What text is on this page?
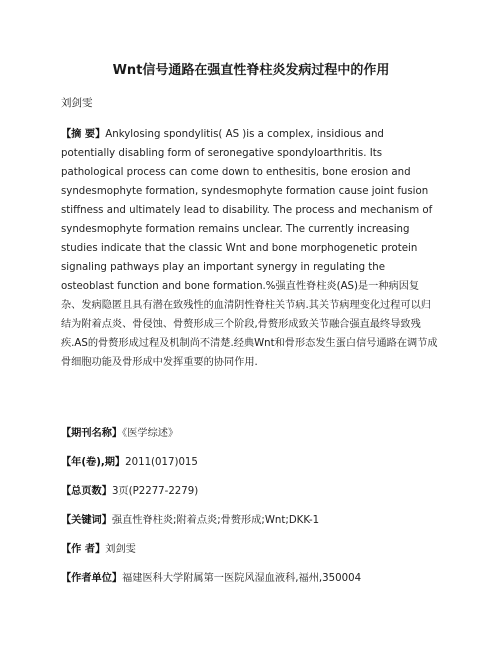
Wnt信号通路在强直性脊柱炎发病过程中的作用
刘剑雯
【摘 要】Ankylosing spondylitis( AS )is a complex, insidious and potentially disabling form of seronegative spondyloarthritis. Its pathological process can come down to enthesitis, bone erosion and syndesmophyte formation, syndesmophyte formation cause joint fusion stiffness and ultimately lead to disability. The process and mechanism of syndesmophyte formation remains unclear. The currently increasing studies indicate that the classic Wnt and bone morphogenetic protein signaling pathways play an important synergy in regulating the osteoblast function and bone formation.%强直性脊柱炎(AS)是一种病因复杂、发病隐匿且具有潜在致残性的血清阴性脊柱关节病.其关节病理变化过程可以归结为附着点炎、骨侵蚀、骨赘形成三个阶段,骨赘形成致关节融合强直最终导致残疾.AS的骨赘形成过程及机制尚不清楚.经典Wnt和骨形态发生蛋白信号通路在调节成骨细胞功能及骨形成中发挥重要的协同作用.
【期刊名称】《医学综述》
【年(卷),期】2011(017)015
【总页数】3页(P2277-2279)
【关键词】强直性脊柱炎;附着点炎;骨赘形成;Wnt;DKK-1
【作 者】刘剑雯
【作者单位】福建医科大学附属第一医院风湿血液科,福州,350004
